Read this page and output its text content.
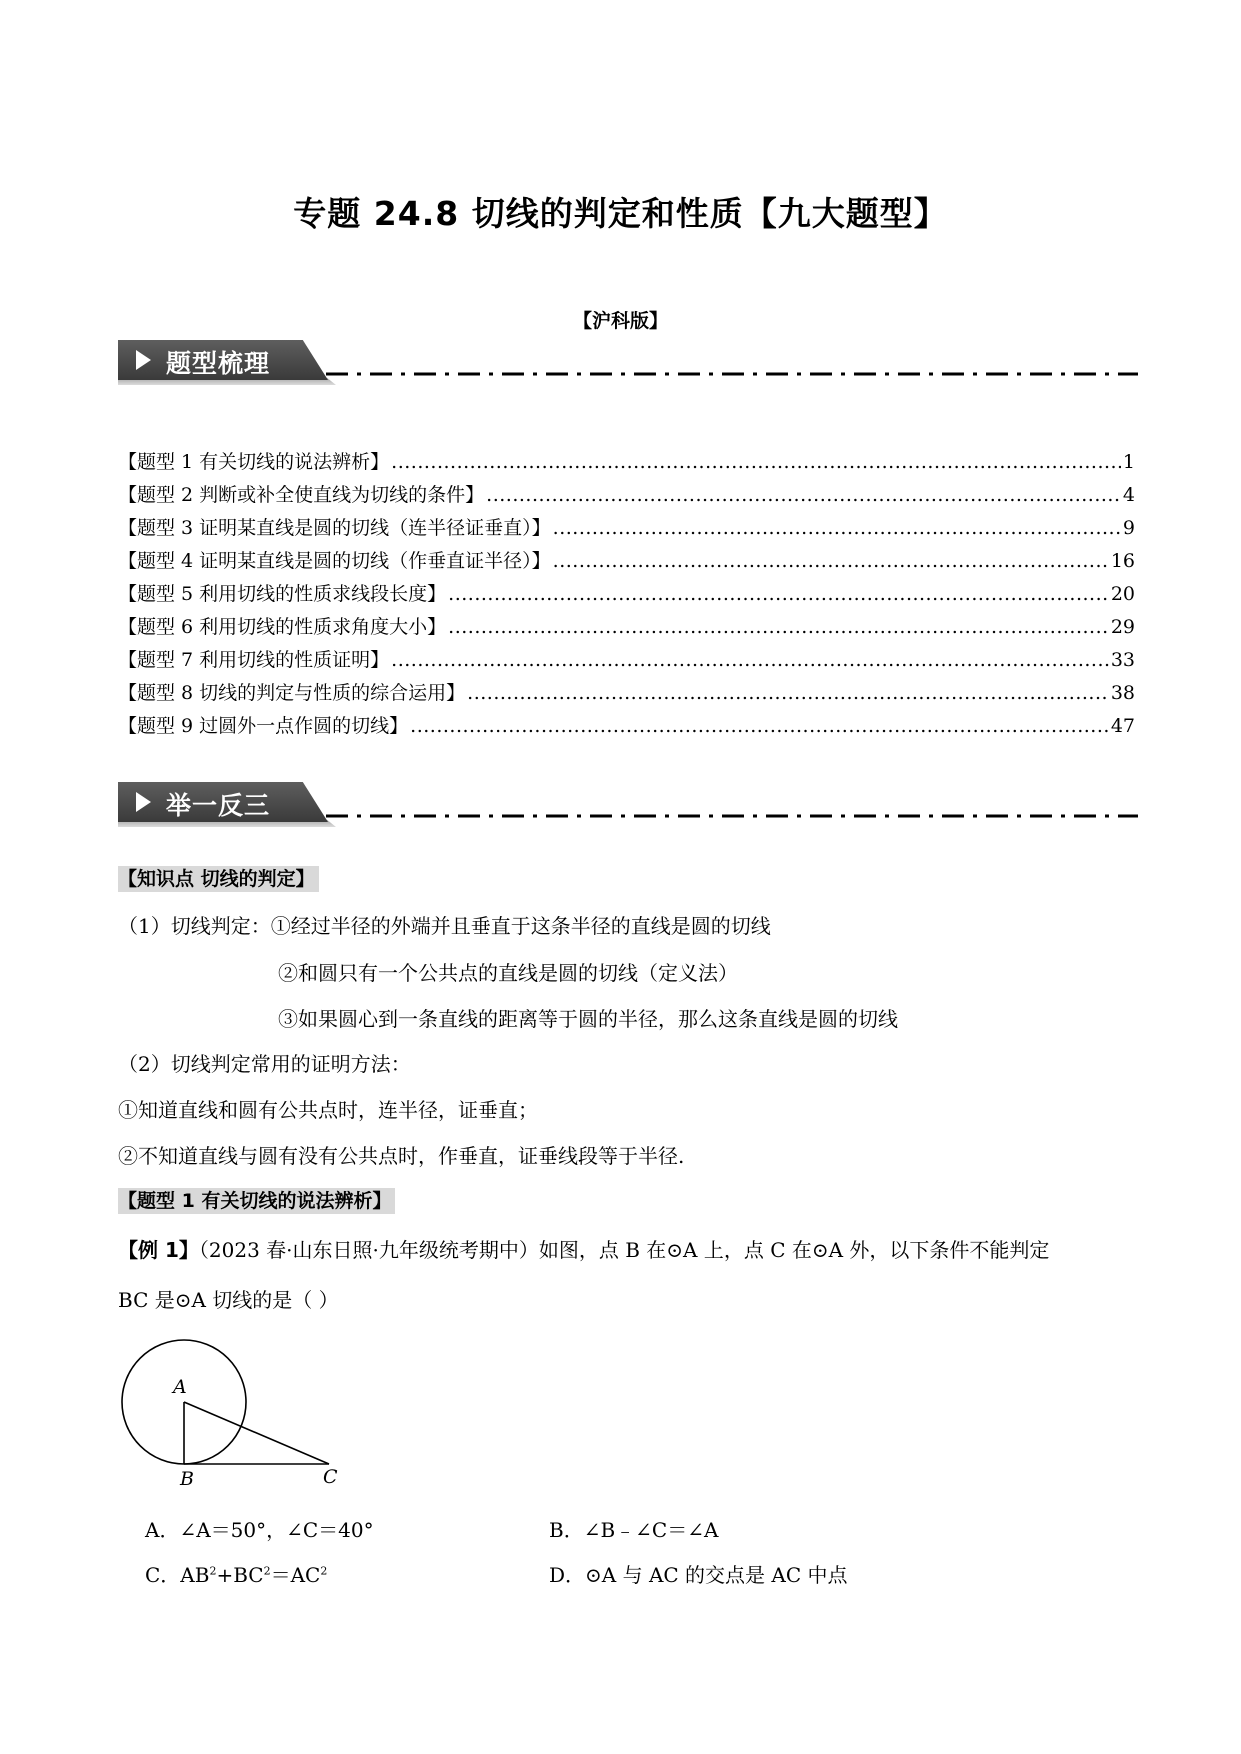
专题 24.8 切线的判定和性质【九大题型】
【沪科版】
题型梳理
【题型 1 有关切线的说法辨析】 .....	1
【题型 2 判断或补全使直线为切线的条件】 .....	4
【题型 3 证明某直线是圆的切线（连半径证垂直）】 .....	9
【题型 4 证明某直线是圆的切线（作垂直证半径）】 .....	16
【题型 5 利用切线的性质求线段长度】 .....	20
【题型 6 利用切线的性质求角度大小】 .....	29
【题型 7 利用切线的性质证明】 .....	33
【题型 8 切线的判定与性质的综合运用】 .....	38
【题型 9 过圆外一点作圆的切线】 .....	47
举一反三
【知识点 切线的判定】
（1）切线判定：①经过半径的外端并且垂直于这条半径的直线是圆的切线
②和圆只有一个公共点的直线是圆的切线（定义法）
③如果圆心到一条直线的距离等于圆的半径，那么这条直线是圆的切线
（2）切线判定常用的证明方法：
①知道直线和圆有公共点时，连半径，证垂直；
②不知道直线与圆有没有公共点时，作垂直，证垂线段等于半径.
【题型 1 有关切线的说法辨析】
【例 1】（2023 春·山东日照·九年级统考期中）如图，点 B 在⊙A 上，点 C 在⊙A 外，以下条件不能判定
BC 是⊙A 切线的是（ ）
A
B	C
A．∠A＝50°，∠C＝40°	B．∠B﹣∠C＝∠A
C．$AB^2+BC^2=AC^2$	D．⊙A 与 AC 的交点是 AC 中点
